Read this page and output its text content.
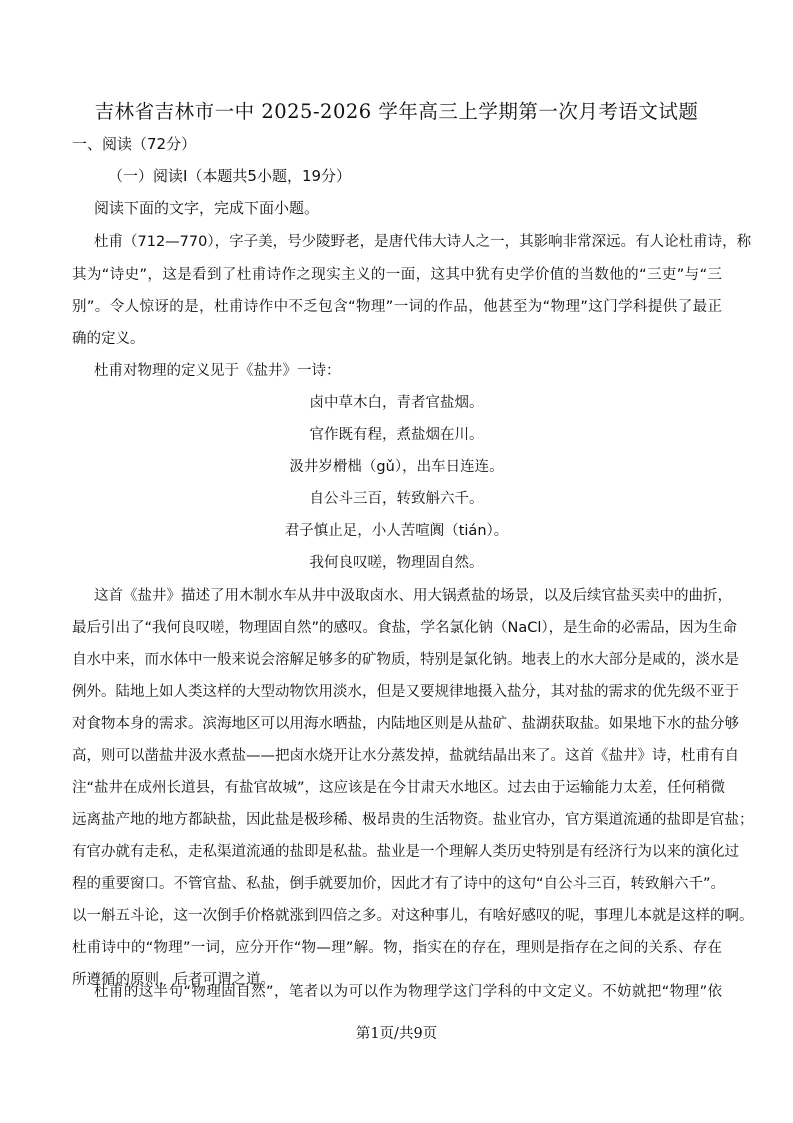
吉林省吉林市一中 2025-2026 学年高三上学期第一次月考语文试题
一、阅读（72分）
（一）阅读Ⅰ（本题共5小题，19分）
阅读下面的文字，完成下面小题。
杜甫（712—770），字子美，号少陵野老，是唐代伟大诗人之一，其影响非常深远。有人论杜甫诗，称
其为“诗史”，这是看到了杜甫诗作之现实主义的一面，这其中犹有史学价值的当数他的“三吏”与“三
别”。令人惊讶的是，杜甫诗作中不乏包含“物理”一词的作品，他甚至为“物理”这门学科提供了最正
确的定义。
杜甫对物理的定义见于《盐井》一诗：
卤中草木白，青者官盐烟。
官作既有程，煮盐烟在川。
汲井岁榾柮（gǔ），出车日连连。
自公斗三百，转致斛六千。
君子慎止足，小人苦喧阗（tián）。
我何良叹嗟，物理固自然。
这首《盐井》描述了用木制水车从井中汲取卤水、用大锅煮盐的场景，以及后续官盐买卖中的曲折，
最后引出了“我何良叹嗟，物理固自然”的感叹。食盐，学名氯化钠（NaCl），是生命的必需品，因为生命
自水中来，而水体中一般来说会溶解足够多的矿物质，特别是氯化钠。地表上的水大部分是咸的，淡水是
例外。陆地上如人类这样的大型动物饮用淡水，但是又要规律地摄入盐分，其对盐的需求的优先级不亚于
对食物本身的需求。滨海地区可以用海水晒盐，内陆地区则是从盐矿、盐湖获取盐。如果地下水的盐分够
高，则可以凿盐井汲水煮盐——把卤水烧开让水分蒸发掉，盐就结晶出来了。这首《盐井》诗，杜甫有自
注“盐井在成州长道县，有盐官故城”，这应该是在今甘肃天水地区。过去由于运输能力太差，任何稍微
远离盐产地的地方都缺盐，因此盐是极珍稀、极昂贵的生活物资。盐业官办，官方渠道流通的盐即是官盐；
有官办就有走私，走私渠道流通的盐即是私盐。盐业是一个理解人类历史特别是有经济行为以来的演化过
程的重要窗口。不管官盐、私盐，倒手就要加价，因此才有了诗中的这句“自公斗三百，转致斛六千”。
以一斛五斗论，这一次倒手价格就涨到四倍之多。对这种事儿，有啥好感叹的呢，事理儿本就是这样的啊。
杜甫诗中的“物理”一词，应分开作“物—理”解。物，指实在的存在，理则是指存在之间的关系、存在
所遵循的原则，后者可谓之道。
杜甫的这半句“物理固自然”，笔者以为可以作为物理学这门学科的中文定义。不妨就把“物理”依
第1页/共9页
